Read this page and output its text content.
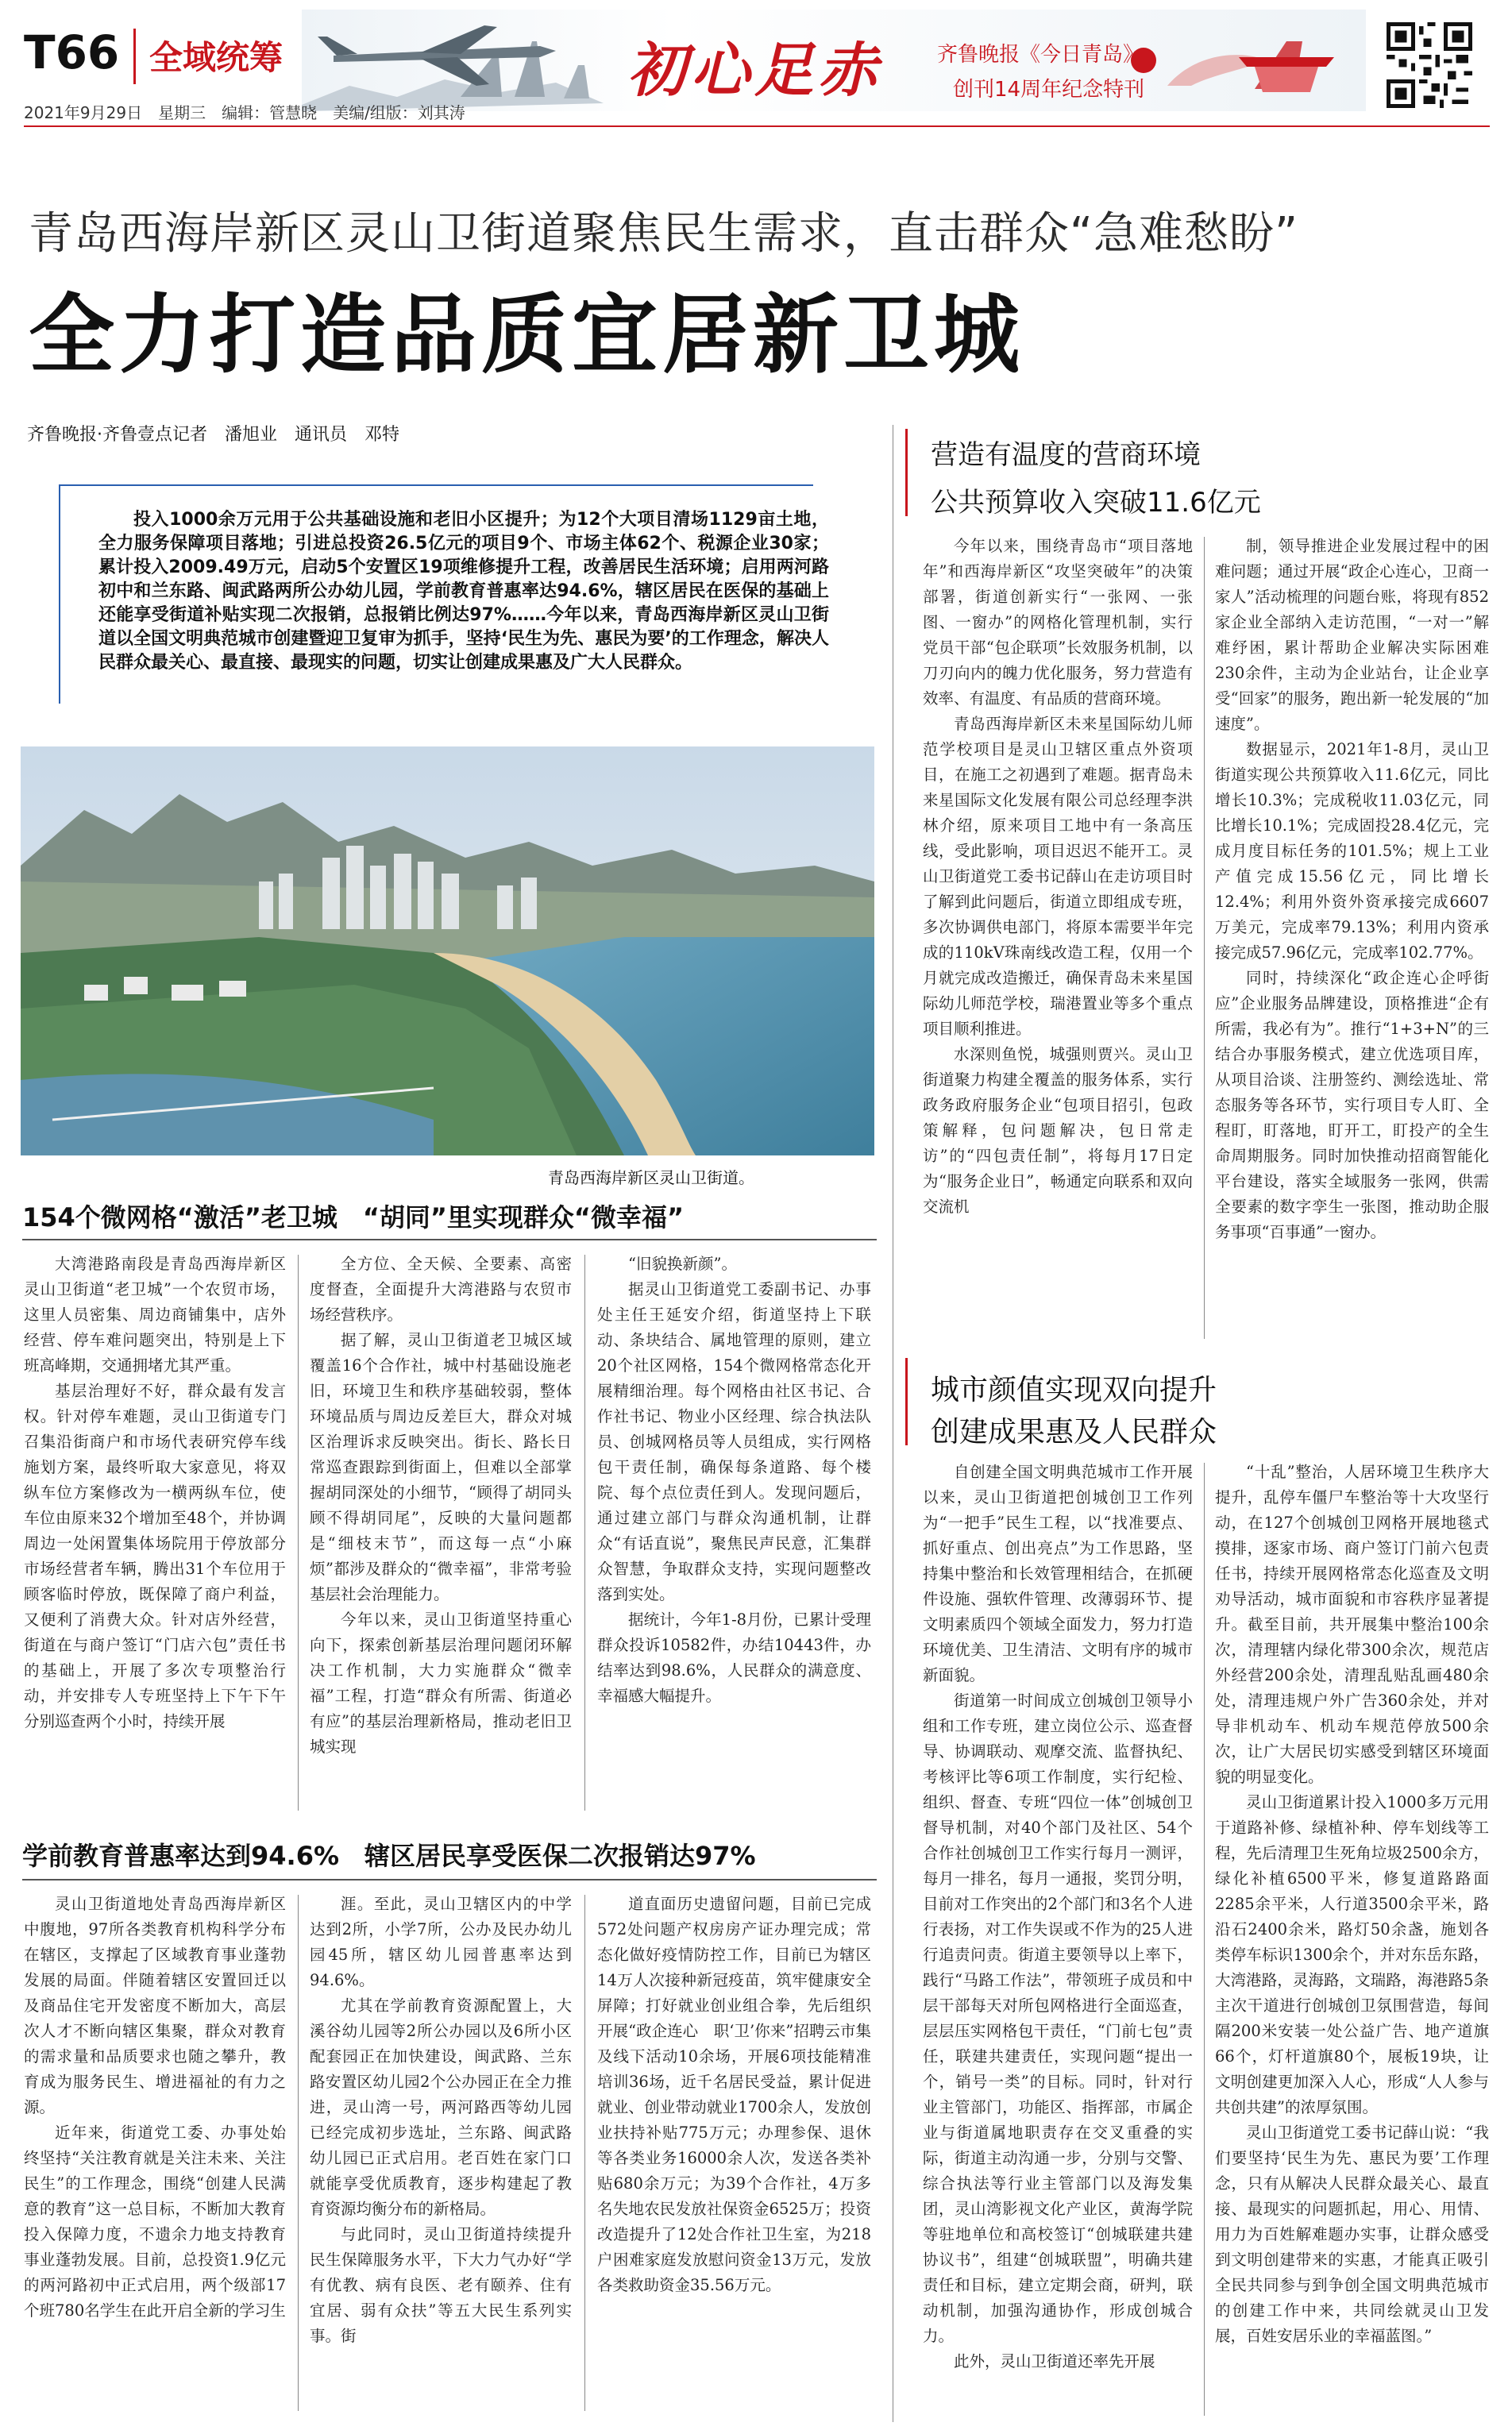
T66 全域统筹	初心足赤	齐鲁晚报《今日青岛》
创刊14周年纪念特刊
2021年9月29日　星期三　编辑：管慧晓　美编/组版：刘其涛
青岛西海岸新区灵山卫街道聚焦民生需求，直击群众“急难愁盼”
全力打造品质宜居新卫城
齐鲁晚报·齐鲁壹点记者　潘旭业　通讯员　邓特
投入1000余万元用于公共基础设施和老旧小区提升；为12个大项目清场1129亩土地，全力服务保障项目落地；引进总投资26.5亿元的项目9个、市场主体62个、税源企业30家；累计投入2009.49万元，启动5个安置区19项维修提升工程，改善居民生活环境；启用两河路初中和兰东路、闽武路两所公办幼儿园，学前教育普惠率达94.6%，辖区居民在医保的基础上还能享受街道补贴实现二次报销，总报销比例达97%……今年以来，青岛西海岸新区灵山卫街道以全国文明典范城市创建暨迎卫复审为抓手，坚持‘民生为先、惠民为要’的工作理念，解决人民群众最关心、最直接、最现实的问题，切实让创建成果惠及广大人民群众。
青岛西海岸新区灵山卫街道。
154个微网格“激活”老卫城　“胡同”里实现群众“微幸福”

大湾港路南段是青岛西海岸新区灵山卫街道“老卫城”一个农贸市场，这里人员密集、周边商铺集中，店外经营、停车难问题突出，特别是上下班高峰期，交通拥堵尤其严重。

基层治理好不好，群众最有发言权。针对停车难题，灵山卫街道专门召集沿街商户和市场代表研究停车线施划方案，最终听取大家意见，将双纵车位方案修改为一横两纵车位，使车位由原来32个增加至48个，并协调周边一处闲置集体场院用于停放部分市场经营者车辆，腾出31个车位用于顾客临时停放，既保障了商户利益，又便利了消费大众。针对店外经营，街道在与商户签订“门店六包”责任书的基础上，开展了多次专项整治行动，并安排专人专班坚持上下午下午分别巡查两个小时，持续开展

全方位、全天候、全要素、高密度督查，全面提升大湾港路与农贸市场经营秩序。

据了解，灵山卫街道老卫城区域覆盖16个合作社，城中村基础设施老旧，环境卫生和秩序基础较弱，整体环境品质与周边反差巨大，群众对城区治理诉求反映突出。街长、路长日常巡查跟踪到街面上，但难以全部掌握胡同深处的小细节，“顾得了胡同头顾不得胡同尾”，反映的大量问题都是“细枝末节”，而这每一点“小麻烦”都涉及群众的“微幸福”，非常考验基层社会治理能力。

今年以来，灵山卫街道坚持重心向下，探索创新基层治理问题闭环解决工作机制，大力实施群众“微幸福”工程，打造“群众有所需、街道必有应”的基层治理新格局，推动老旧卫城实现

“旧貌换新颜”。

据灵山卫街道党工委副书记、办事处主任王延安介绍，街道坚持上下联动、条块结合、属地管理的原则，建立20个社区网格，154个微网格常态化开展精细治理。每个网格由社区书记、合作社书记、物业小区经理、综合执法队员、创城网格员等人员组成，实行网格包干责任制，确保每条道路、每个楼院、每个点位责任到人。发现问题后，通过建立部门与群众沟通机制，让群众“有话直说”，聚焦民声民意，汇集群众智慧，争取群众支持，实现问题整改落到实处。

据统计，今年1-8月份，已累计受理群众投诉10582件，办结10443件，办结率达到98.6%，人民群众的满意度、幸福感大幅提升。

学前教育普惠率达到94.6%　辖区居民享受医保二次报销达97%

灵山卫街道地处青岛西海岸新区中腹地，97所各类教育机构科学分布在辖区，支撑起了区域教育事业蓬勃发展的局面。伴随着辖区安置回迁以及商品住宅开发密度不断加大，高层次人才不断向辖区集聚，群众对教育的需求量和品质要求也随之攀升，教育成为服务民生、增进福祉的有力之源。

近年来，街道党工委、办事处始终坚持“关注教育就是关注未来、关注民生”的工作理念，围绕“创建人民满意的教育”这一总目标，不断加大教育投入保障力度，不遗余力地支持教育事业蓬勃发展。目前，总投资1.9亿元的两河路初中正式启用，两个级部17个班780名学生在此开启全新的学习生

涯。至此，灵山卫辖区内的中学达到2所，小学7所，公办及民办幼儿园45所，辖区幼儿园普惠率达到94.6%。

尤其在学前教育资源配置上，大溪谷幼儿园等2所公办园以及6所小区配套园正在加快建设，闽武路、兰东路安置区幼儿园2个公办园正在全力推进，灵山湾一号，两河路西等幼儿园已经完成初步选址，兰东路、闽武路幼儿园已正式启用。老百姓在家门口就能享受优质教育，逐步构建起了教育资源均衡分布的新格局。

与此同时，灵山卫街道持续提升民生保障服务水平，下大力气办好“学有优教、病有良医、老有颐养、住有宜居、弱有众扶”等五大民生系列实事。街

道直面历史遗留问题，目前已完成572处问题产权房房产证办理完成；常态化做好疫情防控工作，目前已为辖区14万人次接种新冠疫苗，筑牢健康安全屏障；打好就业创业组合拳，先后组织开展“政企连心　职‘卫’你来”招聘云市集及线下活动10余场，开展6项技能精准培训36场，近千名居民受益，累计促进就业、创业带动就业1700余人，发放创业扶持补贴775万元；办理参保、退休等各类业务16000余人次，发送各类补贴680余万元；为39个合作社，4万多名失地农民发放社保资金6525万；投资改造提升了12处合作社卫生室，为218户困难家庭发放慰问资金13万元，发放各类救助资金35.56万元。

营造有温度的营商环境
公共预算收入突破11.6亿元

今年以来，围绕青岛市“项目落地年”和西海岸新区“攻坚突破年”的决策部署，街道创新实行“一张网、一张图、一窗办”的网格化管理机制，实行党员干部“包企联项”长效服务机制，以刀刃向内的魄力优化服务，努力营造有效率、有温度、有品质的营商环境。

青岛西海岸新区未来星国际幼儿师范学校项目是灵山卫辖区重点外资项目，在施工之初遇到了难题。据青岛未来星国际文化发展有限公司总经理李洪林介绍，原来项目工地中有一条高压线，受此影响，项目迟迟不能开工。灵山卫街道党工委书记薛山在走访项目时了解到此问题后，街道立即组成专班，多次协调供电部门，将原本需要半年完成的110kV珠南线改造工程，仅用一个月就完成改造搬迁，确保青岛未来星国际幼儿师范学校，瑞港置业等多个重点项目顺利推进。

水深则鱼悦，城强则贾兴。灵山卫街道聚力构建全覆盖的服务体系，实行政务政府服务企业“包项目招引，包政策解释，包问题解决，包日常走访”的“四包责任制”，将每月17日定为“服务企业日”，畅通定向联系和双向交流机

制，领导推进企业发展过程中的困难问题；通过开展“政企心连心，卫商一家人”活动梳理的问题台账，将现有852家企业全部纳入走访范围，“一对一”解难纾困，累计帮助企业解决实际困难230余件，主动为企业站台，让企业享受“回家”的服务，跑出新一轮发展的“加速度”。

数据显示，2021年1-8月，灵山卫街道实现公共预算收入11.6亿元，同比增长10.3%；完成税收11.03亿元，同比增长10.1%；完成固投28.4亿元，完成月度目标任务的101.5%；规上工业产值完成15.56亿元，同比增长12.4%；利用外资外资承接完成6607万美元，完成率79.13%；利用内资承接完成57.96亿元，完成率102.77%。

同时，持续深化“政企连心企呼街应”企业服务品牌建设，顶格推进“企有所需，我必有为”。推行“1+3+N”的三结合办事服务模式，建立优选项目库，从项目洽谈、注册签约、测绘选址、常态服务等各环节，实行项目专人盯、全程盯，盯落地，盯开工，盯投产的全生命周期服务。同时加快推动招商智能化平台建设，落实全域服务一张网，供需全要素的数字孪生一张图，推动助企服务事项“百事通”一窗办。

城市颜值实现双向提升
创建成果惠及人民群众

自创建全国文明典范城市工作开展以来，灵山卫街道把创城创卫工作列为“一把手”民生工程，以“找准要点、抓好重点、创出亮点”为工作思路，坚持集中整治和长效管理相结合，在抓硬件设施、强软件管理、改薄弱环节、提文明素质四个领域全面发力，努力打造环境优美、卫生清洁、文明有序的城市新面貌。

街道第一时间成立创城创卫领导小组和工作专班，建立岗位公示、巡查督导、协调联动、观摩交流、监督执纪、考核评比等6项工作制度，实行纪检、组织、督查、专班“四位一体”创城创卫督导机制，对40个部门及社区、54个合作社创城创卫工作实行每月一测评，每月一排名，每月一通报，奖罚分明，目前对工作突出的2个部门和3名个人进行表扬，对工作失误或不作为的25人进行追责问责。街道主要领导以上率下，践行“马路工作法”，带领班子成员和中层干部每天对所包网格进行全面巡查，层层压实网格包干责任，“门前七包”责任，联建共建责任，实现问题“提出一个，销号一类”的目标。同时，针对行业主管部门，功能区、指挥部，市属企业与街道属地职责存在交叉重叠的实际，街道主动沟通一步，分别与交警、综合执法等行业主管部门以及海发集团，灵山湾影视文化产业区，黄海学院等驻地单位和高校签订“创城联建共建协议书”，组建“创城联盟”，明确共建责任和目标，建立定期会商，研判，联动机制，加强沟通协作，形成创城合力。

此外，灵山卫街道还率先开展

“十乱”整治，人居环境卫生秩序大提升，乱停车僵尸车整治等十大攻坚行动，在127个创城创卫网格开展地毯式摸排，逐家市场、商户签订门前六包责任书，持续开展网格常态化巡查及文明劝导活动，城市面貌和市容秩序显著提升。截至目前，共开展集中整治100余次，清理辖内绿化带300余次，规范店外经营200余处，清理乱贴乱画480余处，清理违规户外广告360余处，并对导非机动车、机动车规范停放500余次，让广大居民切实感受到辖区环境面貌的明显变化。

灵山卫街道累计投入1000多万元用于道路补修、绿植补种、停车划线等工程，先后清理卫生死角垃圾2500余方，绿化补植6500平米，修复道路路面2285余平米，人行道3500余平米，路沿石2400余米，路灯50余盏，施划各类停车标识1300余个，并对东岳东路，大湾港路，灵海路，文瑞路，海港路5条主次干道进行创城创卫氛围营造，每间隔200米安装一处公益广告、地产道旗66个，灯杆道旗80个，展板19块，让文明创建更加深入人心，形成“人人参与　共创共建”的浓厚氛围。

灵山卫街道党工委书记薛山说：“我们要坚持‘民生为先、惠民为要’工作理念，只有从解决人民群众最关心、最直接、最现实的问题抓起，用心、用情、用力为百姓解难题办实事，让群众感受到文明创建带来的实惠，才能真正吸引全民共同参与到争创全国文明典范城市的创建工作中来，共同绘就灵山卫发展，百姓安居乐业的幸福蓝图。”
